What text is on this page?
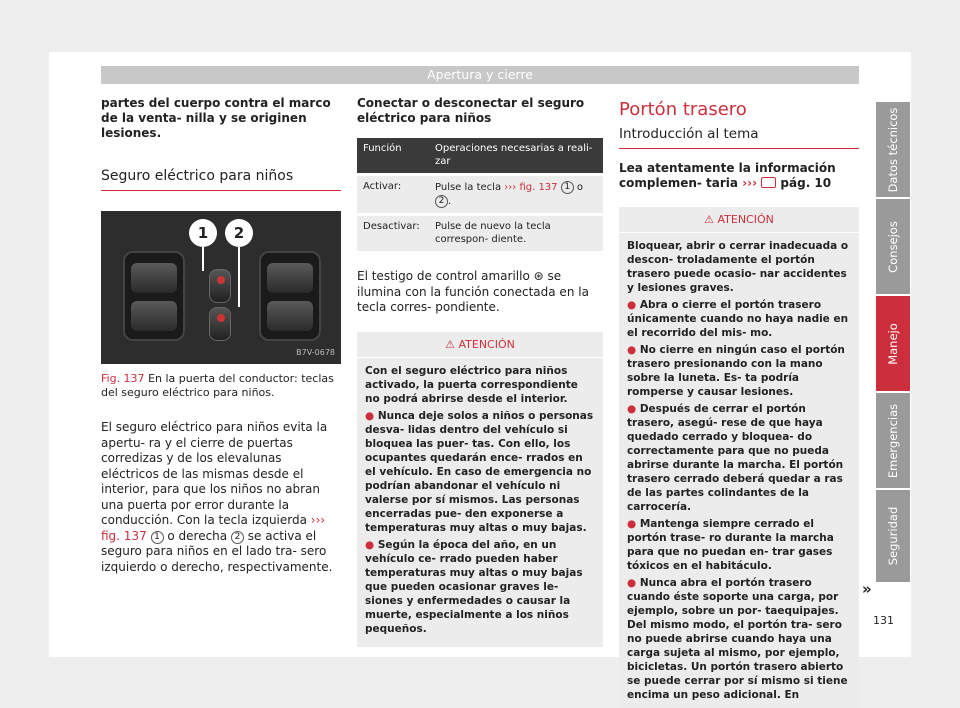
Apertura y cierre
partes del cuerpo contra el marco de la venta- nilla y se originen lesiones.
Seguro eléctrico para niños
1	2
B7V-0678
Fig. 137 En la puerta del conductor: teclas del seguro eléctrico para niños.
El seguro eléctrico para niños evita la apertu- ra y el cierre de puertas corredizas y de los elevalunas eléctricos de las mismas desde el interior, para que los niños no abran una puerta por error durante la conducción. Con la tecla izquierda ››› fig. 137 1 o derecha 2 se activa el seguro para niños en el lado tra- sero izquierdo o derecho, respectivamente.
Conectar o desconectar el seguro eléctrico para niños
Función	Operaciones necesarias a reali- zar
Activar:	Pulse la tecla ››› fig. 137 1 o 2 .
Desactivar:	Pulse de nuevo la tecla correspon- diente.
El testigo de control amarillo ⊛ se ilumina con la función conectada en la tecla corres- pondiente.
⚠ ATENCIÓN

Con el seguro eléctrico para niños activado, la puerta correspondiente no podrá abrirse desde el interior.

● Nunca deje solos a niños o personas desva- lidas dentro del vehículo si bloquea las puer- tas. Con ello, los ocupantes quedarán ence- rrados en el vehículo. En caso de emergencia no podrían abandonar el vehículo ni valerse por sí mismos. Las personas encerradas pue- den exponerse a temperaturas muy altas o muy bajas.

● Según la época del año, en un vehículo ce- rrado pueden haber temperaturas muy altas o muy bajas que pueden ocasionar graves le- siones y enfermedades o causar la muerte, especialmente a los niños pequeños.

Portón trasero
Introducción al tema
Lea atentamente la información complemen- taria ››› pág. 10
⚠ ATENCIÓN

Bloquear, abrir o cerrar inadecuada o descon- troladamente el portón trasero puede ocasio- nar accidentes y lesiones graves.

● Abra o cierre el portón trasero únicamente cuando no haya nadie en el recorrido del mis- mo.

● No cierre en ningún caso el portón trasero presionando con la mano sobre la luneta. Es- ta podría romperse y causar lesiones.

● Después de cerrar el portón trasero, asegú- rese de que haya quedado cerrado y bloquea- do correctamente para que no pueda abrirse durante la marcha. El portón trasero cerrado deberá quedar a ras de las partes colindantes de la carrocería.

● Mantenga siempre cerrado el portón trase- ro durante la marcha para que no puedan en- trar gases tóxicos en el habitáculo.

● Nunca abra el portón trasero cuando éste soporte una carga, por ejemplo, sobre un por- taequipajes. Del mismo modo, el portón tra- sero no puede abrirse cuando haya una carga sujeta al mismo, por ejemplo, bicicletas. Un portón trasero abierto se puede cerrar por sí mismo si tiene encima un peso adicional. En

»
Datos técnicos
Consejos
Manejo
Emergencias
Seguridad
131
